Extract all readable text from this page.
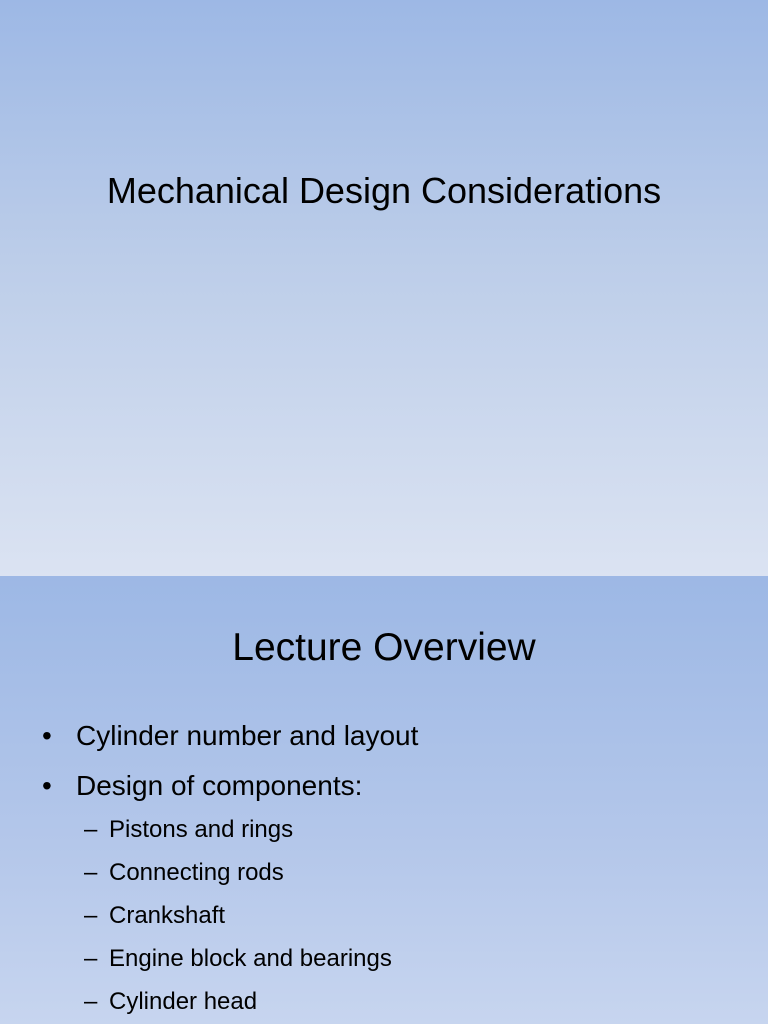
Mechanical Design Considerations
Lecture Overview
• Cylinder number and layout
• Design of components:
– Pistons and rings
– Connecting rods
– Crankshaft
– Engine block and bearings
– Cylinder head
